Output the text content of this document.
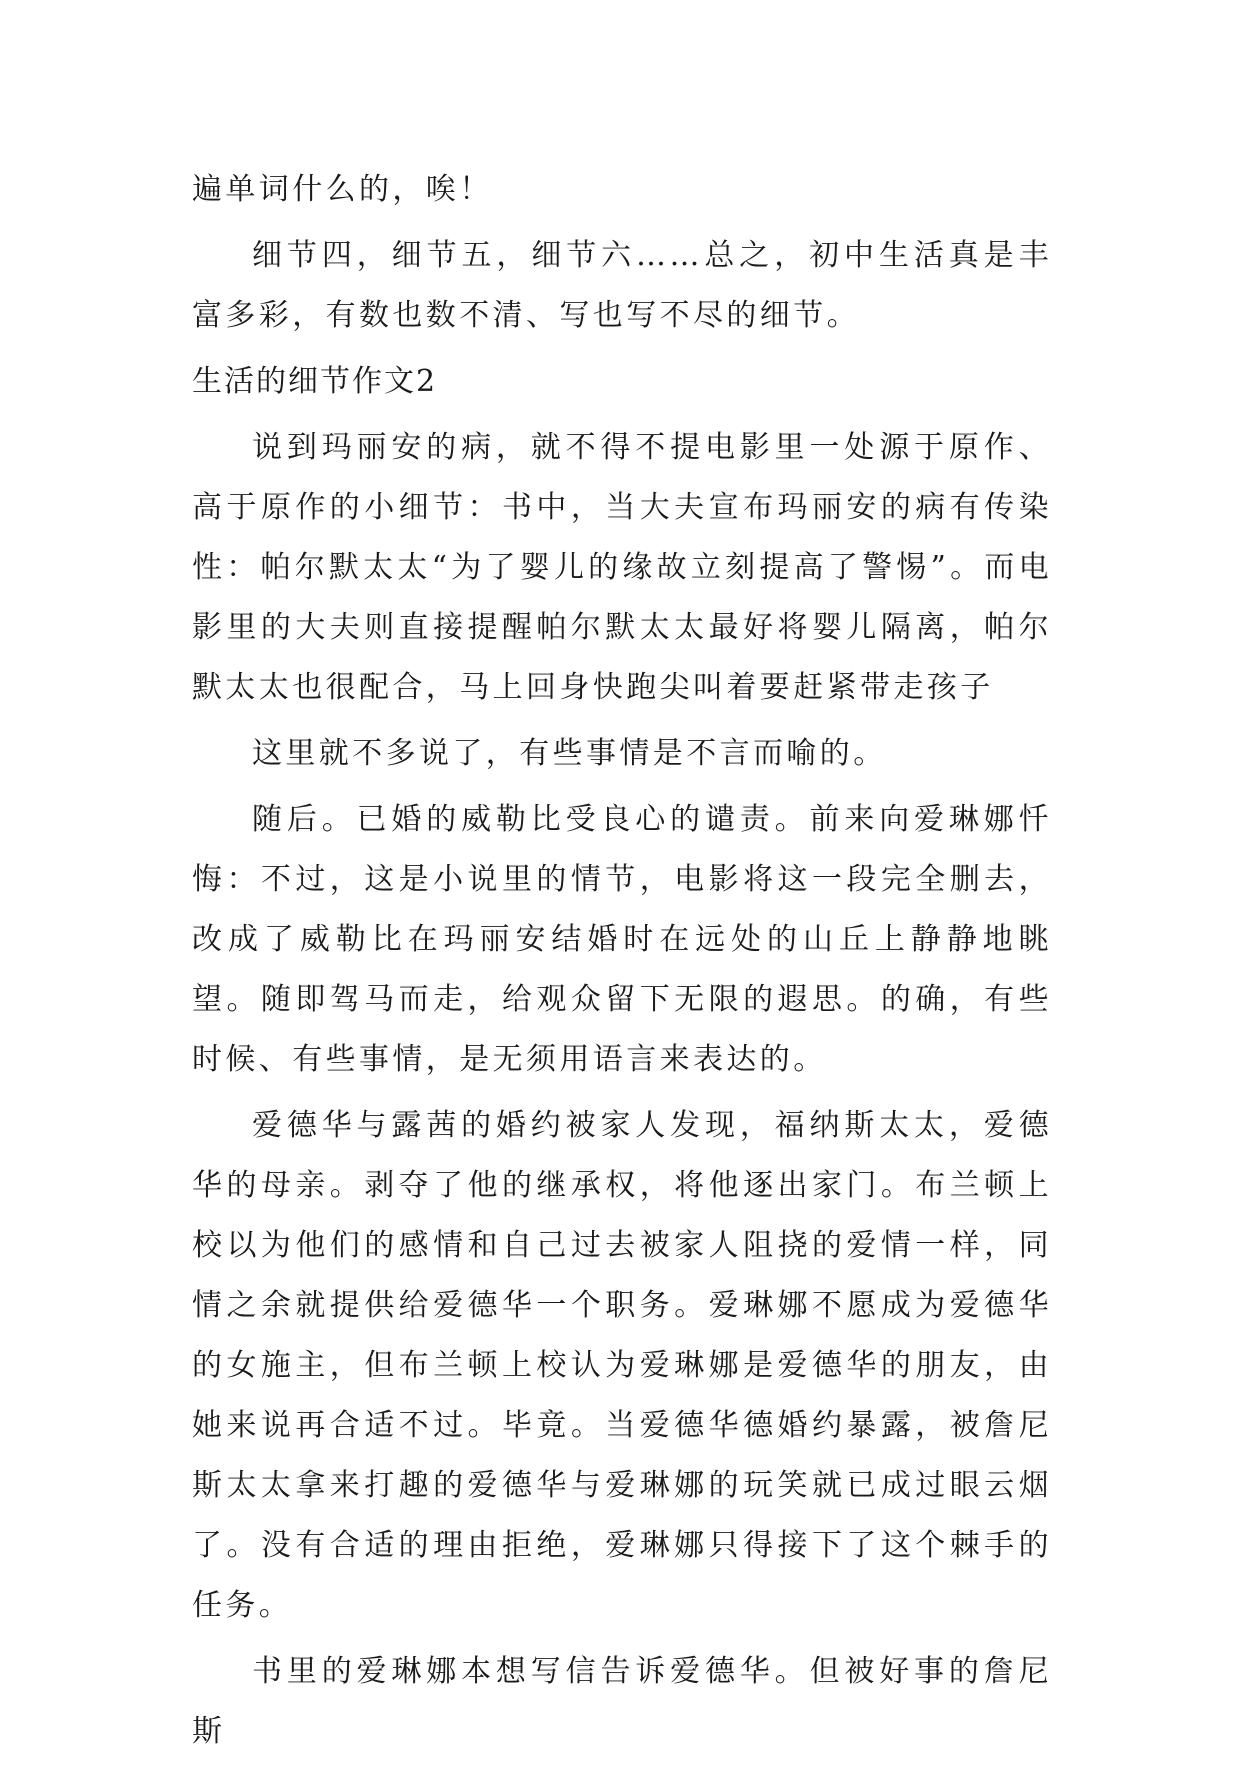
遍单词什么的，唉！

细节四，细节五，细节六……总之，初中生活真是丰富多彩，有数也数不清、写也写不尽的细节。

生活的细节作文2

说到玛丽安的病，就不得不提电影里一处源于原作、高于原作的小细节：书中，当大夫宣布玛丽安的病有传染性：帕尔默太太“为了婴儿的缘故立刻提高了警惕”。而电影里的大夫则直接提醒帕尔默太太最好将婴儿隔离，帕尔默太太也很配合，马上回身快跑尖叫着要赶紧带走孩子

这里就不多说了，有些事情是不言而喻的。

随后。已婚的威勒比受良心的谴责。前来向爱琳娜忏悔：不过，这是小说里的情节，电影将这一段完全删去，改成了威勒比在玛丽安结婚时在远处的山丘上静静地眺望。随即驾马而走，给观众留下无限的遐思。的确，有些时候、有些事情，是无须用语言来表达的。

爱德华与露茜的婚约被家人发现，福纳斯太太，爱德华的母亲。剥夺了他的继承权，将他逐出家门。布兰顿上校以为他们的感情和自己过去被家人阻挠的爱情一样，同情之余就提供给爱德华一个职务。爱琳娜不愿成为爱德华的女施主，但布兰顿上校认为爱琳娜是爱德华的朋友，由她来说再合适不过。毕竟。当爱德华德婚约暴露，被詹尼斯太太拿来打趣的爱德华与爱琳娜的玩笑就已成过眼云烟了。没有合适的理由拒绝，爱琳娜只得接下了这个棘手的任务。

书里的爱琳娜本想写信告诉爱德华。但被好事的詹尼斯
